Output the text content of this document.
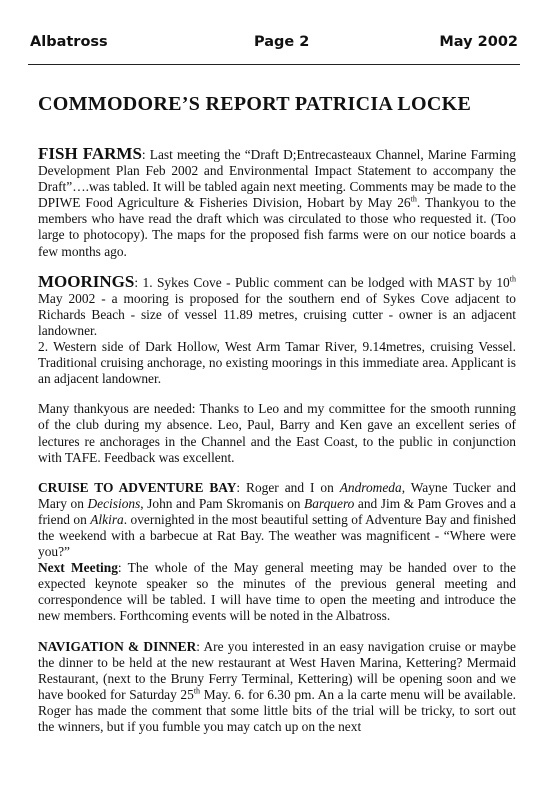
Albatross	Page 2	May 2002
COMMODORE’S REPORT PATRICIA LOCKE

FISH FARMS: Last meeting the “Draft D;Entrecasteaux Channel, Marine Farming Development Plan Feb 2002 and Environmental Impact Statement to accompany the Draft”….was tabled. It will be tabled again next meeting. Comments may be made to the DPIWE Food Agriculture & Fisheries Division, Hobart by May 26th. Thankyou to the members who have read the draft which was circulated to those who requested it. (Too large to photocopy). The maps for the proposed fish farms were on our notice boards a few months ago.

MOORINGS: 1. Sykes Cove - Public comment can be lodged with MAST by 10th May 2002 - a mooring is proposed for the southern end of Sykes Cove adjacent to Richards Beach - size of vessel 11.89 metres, cruising cutter - owner is an adjacent landowner.

2. Western side of Dark Hollow, West Arm Tamar River, 9.14metres, cruising Vessel. Traditional cruising anchorage, no existing moorings in this immediate area. Applicant is an adjacent landowner.

Many thankyous are needed: Thanks to Leo and my committee for the smooth running of the club during my absence. Leo, Paul, Barry and Ken gave an excellent series of lectures re anchorages in the Channel and the East Coast, to the public in conjunction with TAFE. Feedback was excellent.

CRUISE TO ADVENTURE BAY: Roger and I on Andromeda, Wayne Tucker and Mary on Decisions, John and Pam Skromanis on Barquero and Jim & Pam Groves and a friend on Alkira. overnighted in the most beautiful setting of Adventure Bay and finished the weekend with a barbecue at Rat Bay. The weather was magnificent - “Where were you?”

Next Meeting: The whole of the May general meeting may be handed over to the expected keynote speaker so the minutes of the previous general meeting and correspondence will be tabled. I will have time to open the meeting and introduce the new members. Forthcoming events will be noted in the Albatross.

NAVIGATION & DINNER: Are you interested in an easy navigation cruise or maybe the dinner to be held at the new restaurant at West Haven Marina, Kettering? Mermaid Restaurant, (next to the Bruny Ferry Terminal, Kettering) will be opening soon and we have booked for Saturday 25th May. 6. for 6.30 pm. An a la carte menu will be available. Roger has made the comment that some little bits of the trial will be tricky, to sort out the winners, but if you fumble you may catch up on the next
